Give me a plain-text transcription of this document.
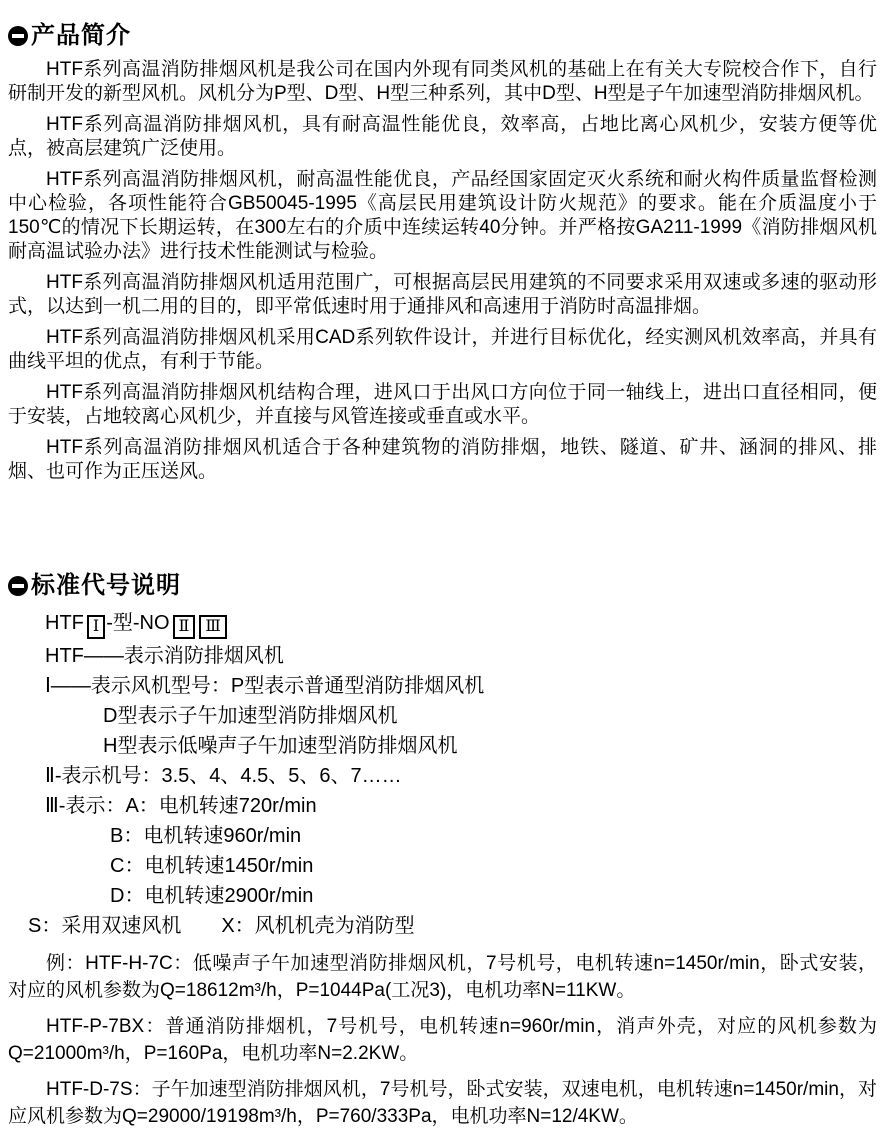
产品简介

HTF系列高温消防排烟风机是我公司在国内外现有同类风机的基础上在有关大专院校合作下，自行研制开发的新型风机。风机分为P型、D型、H型三种系列，其中D型、H型是子午加速型消防排烟风机。

HTF系列高温消防排烟风机，具有耐高温性能优良，效率高，占地比离心风机少，安装方便等优点，被高层建筑广泛使用。

HTF系列高温消防排烟风机，耐高温性能优良，产品经国家固定灭火系统和耐火构件质量监督检测中心检验，各项性能符合GB50045-1995《高层民用建筑设计防火规范》的要求。能在介质温度小于150℃的情况下长期运转，在300左右的介质中连续运转40分钟。并严格按GA211-1999《消防排烟风机耐高温试验办法》进行技术性能测试与检验。

HTF系列高温消防排烟风机适用范围广，可根据高层民用建筑的不同要求采用双速或多速的驱动形式，以达到一机二用的目的，即平常低速时用于通排风和高速用于消防时高温排烟。

HTF系列高温消防排烟风机采用CAD系列软件设计，并进行目标优化，经实测风机效率高，并具有曲线平坦的优点，有利于节能。

HTF系列高温消防排烟风机结构合理，进风口于出风口方向位于同一轴线上，进出口直径相同，便于安装，占地较离心风机少，并直接与风管连接或垂直或水平。

HTF系列高温消防排烟风机适合于各种建筑物的消防排烟，地铁、隧道、矿井、涵洞的排风、排烟、也可作为正压送风。

标准代号说明
HTF Ⅰ -型-NO Ⅱ Ⅲ
HTF——表示消防排烟风机
Ⅰ——表示风机型号：P型表示普通型消防排烟风机
D型表示子午加速型消防排烟风机
H型表示低噪声子午加速型消防排烟风机
Ⅱ-表示机号：3.5、4、4.5、5、6、7……
Ⅲ-表示：A：电机转速720r/min
B：电机转速960r/min
C：电机转速1450r/min
D：电机转速2900r/min
S：采用双速风机　　X：风机机壳为消防型

例：HTF-H-7C：低噪声子午加速型消防排烟风机，7号机号，电机转速n=1450r/min，卧式安装，对应的风机参数为Q=18612m³/h，P=1044Pa(工况3)，电机功率N=11KW。

HTF-P-7BX：普通消防排烟机，7号机号，电机转速n=960r/min，消声外壳，对应的风机参数为Q=21000m³/h，P=160Pa，电机功率N=2.2KW。

HTF-D-7S：子午加速型消防排烟风机，7号机号，卧式安装，双速电机，电机转速n=1450r/min，对应风机参数为Q=29000/19198m³/h，P=760/333Pa，电机功率N=12/4KW。
